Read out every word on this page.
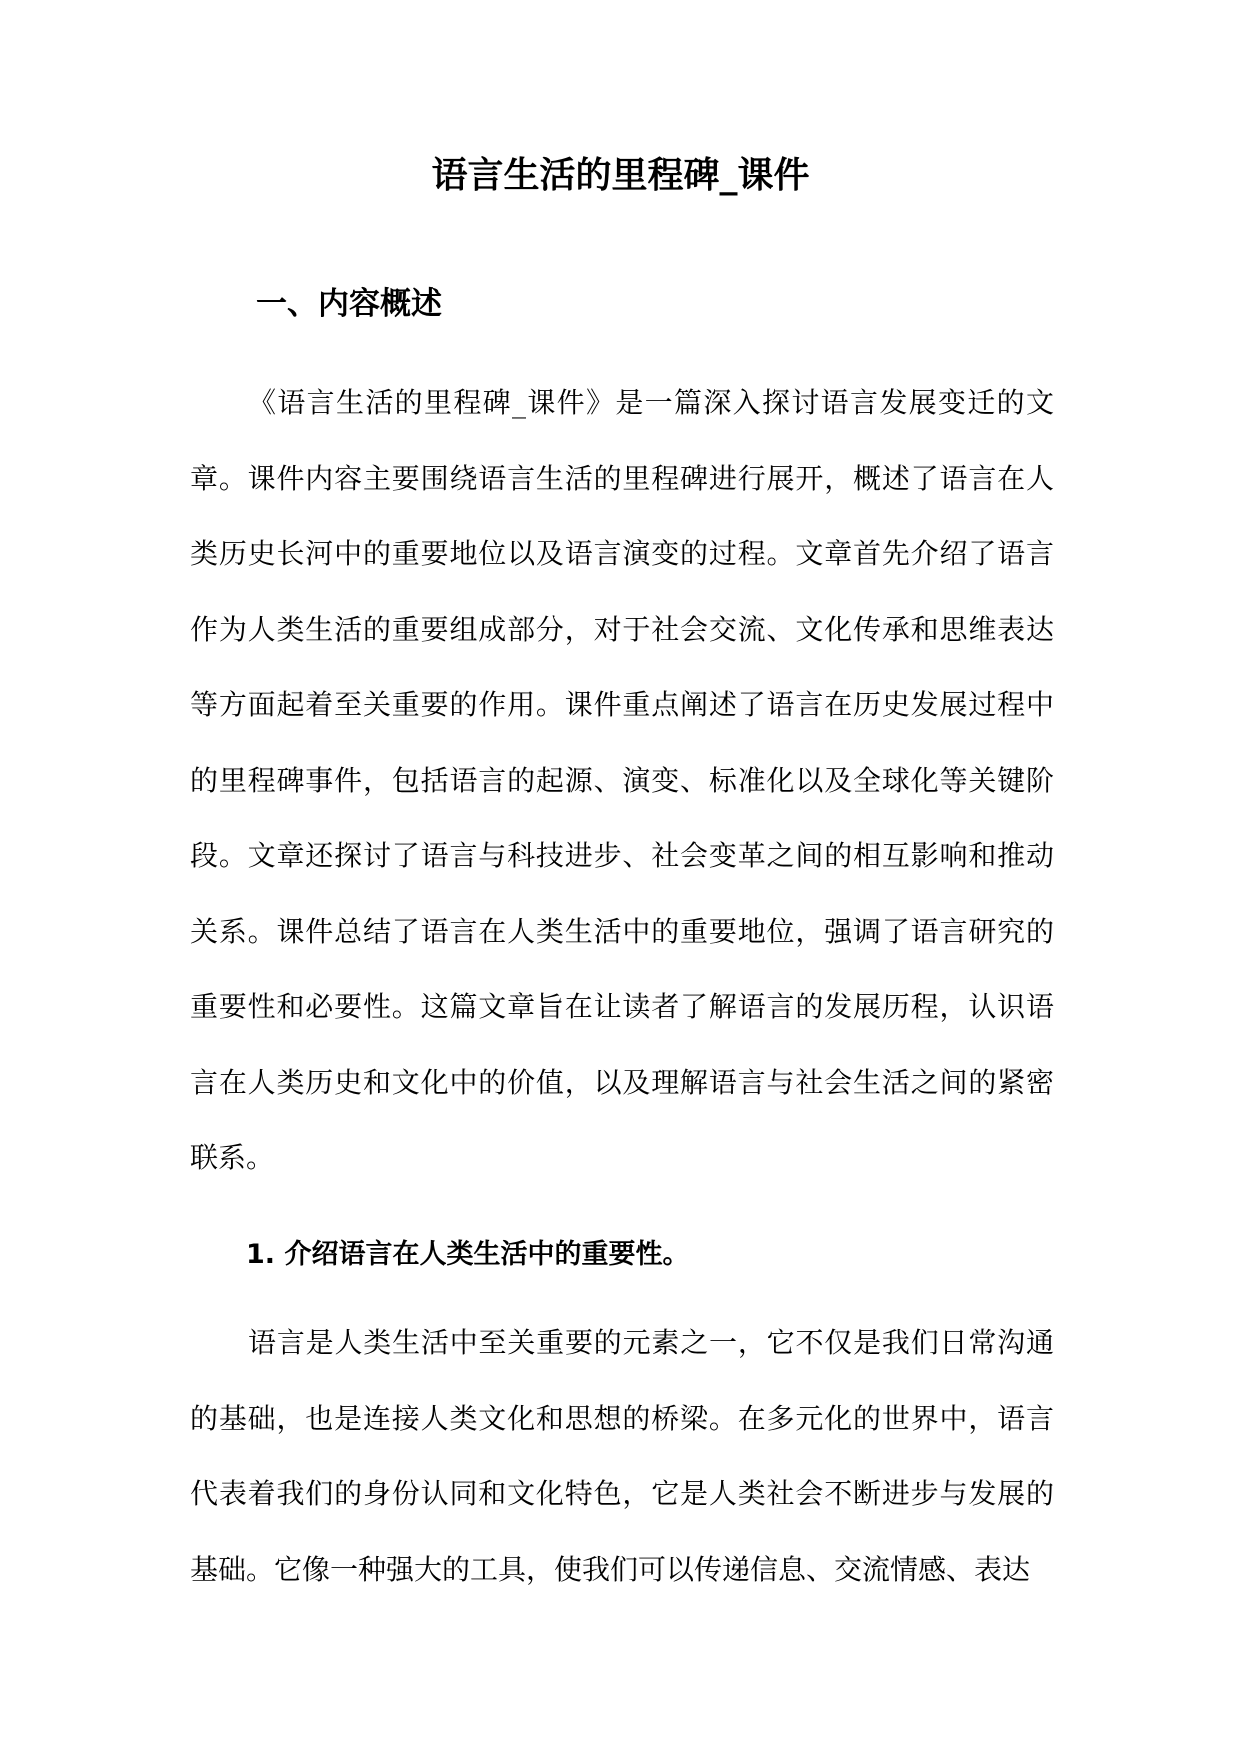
语言生活的里程碑_课件
一、内容概述

《语言生活的里程碑_课件》是一篇深入探讨语言发展变迁的文章。课件内容主要围绕语言生活的里程碑进行展开，概述了语言在人类历史长河中的重要地位以及语言演变的过程。文章首先介绍了语言作为人类生活的重要组成部分，对于社会交流、文化传承和思维表达等方面起着至关重要的作用。课件重点阐述了语言在历史发展过程中的里程碑事件，包括语言的起源、演变、标准化以及全球化等关键阶段。文章还探讨了语言与科技进步、社会变革之间的相互影响和推动关系。课件总结了语言在人类生活中的重要地位，强调了语言研究的重要性和必要性。这篇文章旨在让读者了解语言的发展历程，认识语言在人类历史和文化中的价值，以及理解语言与社会生活之间的紧密联系。

1. 介绍语言在人类生活中的重要性。

语言是人类生活中至关重要的元素之一，它不仅是我们日常沟通的基础，也是连接人类文化和思想的桥梁。在多元化的世界中，语言代表着我们的身份认同和文化特色，它是人类社会不断进步与发展的基础。它像一种强大的工具，使我们可以传递信息、交流情感、表达
